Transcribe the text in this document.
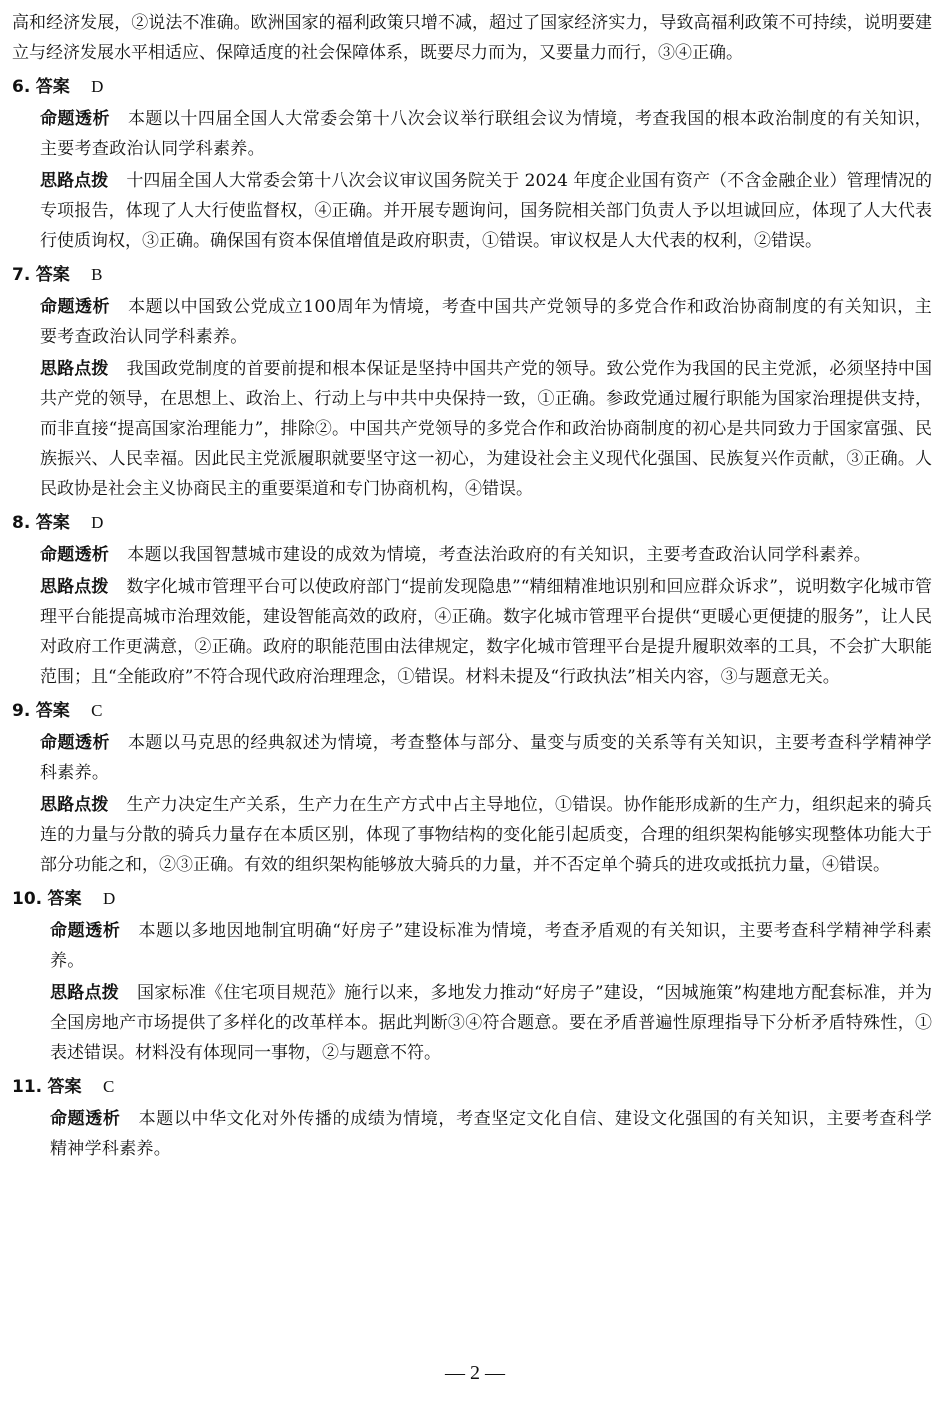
高和经济发展，②说法不准确。欧洲国家的福利政策只增不减，超过了国家经济实力，导致高福利政策不可持续，说明要建立与经济发展水平相适应、保障适度的社会保障体系，既要尽力而为，又要量力而行，③④正确。

6. 答案 D

命题透析 本题以十四届全国人大常委会第十八次会议举行联组会议为情境，考查我国的根本政治制度的有关知识，主要考查政治认同学科素养。

思路点拨 十四届全国人大常委会第十八次会议审议国务院关于 2024 年度企业国有资产（不含金融企业）管理情况的专项报告，体现了人大行使监督权，④正确。并开展专题询问，国务院相关部门负责人予以坦诚回应，体现了人大代表行使质询权，③正确。确保国有资本保值增值是政府职责，①错误。审议权是人大代表的权利，②错误。

7. 答案 B

命题透析 本题以中国致公党成立100周年为情境，考查中国共产党领导的多党合作和政治协商制度的有关知识，主要考查政治认同学科素养。

思路点拨 我国政党制度的首要前提和根本保证是坚持中国共产党的领导。致公党作为我国的民主党派，必须坚持中国共产党的领导，在思想上、政治上、行动上与中共中央保持一致，①正确。参政党通过履行职能为国家治理提供支持，而非直接“提高国家治理能力”，排除②。中国共产党领导的多党合作和政治协商制度的初心是共同致力于国家富强、民族振兴、人民幸福。因此民主党派履职就要坚守这一初心，为建设社会主义现代化强国、民族复兴作贡献，③正确。人民政协是社会主义协商民主的重要渠道和专门协商机构，④错误。

8. 答案 D

命题透析 本题以我国智慧城市建设的成效为情境，考查法治政府的有关知识，主要考查政治认同学科素养。

思路点拨 数字化城市管理平台可以使政府部门“提前发现隐患”“精细精准地识别和回应群众诉求”，说明数字化城市管理平台能提高城市治理效能，建设智能高效的政府，④正确。数字化城市管理平台提供“更暖心更便捷的服务”，让人民对政府工作更满意，②正确。政府的职能范围由法律规定，数字化城市管理平台是提升履职效率的工具，不会扩大职能范围；且“全能政府”不符合现代政府治理理念，①错误。材料未提及“行政执法”相关内容，③与题意无关。

9. 答案 C

命题透析 本题以马克思的经典叙述为情境，考查整体与部分、量变与质变的关系等有关知识，主要考查科学精神学科素养。

思路点拨 生产力决定生产关系，生产力在生产方式中占主导地位，①错误。协作能形成新的生产力，组织起来的骑兵连的力量与分散的骑兵力量存在本质区别，体现了事物结构的变化能引起质变，合理的组织架构能够实现整体功能大于部分功能之和，②③正确。有效的组织架构能够放大骑兵的力量，并不否定单个骑兵的进攻或抵抗力量，④错误。

10. 答案 D

命题透析 本题以多地因地制宜明确“好房子”建设标准为情境，考查矛盾观的有关知识，主要考查科学精神学科素养。

思路点拨 国家标准《住宅项目规范》施行以来，多地发力推动“好房子”建设，“因城施策”构建地方配套标准，并为全国房地产市场提供了多样化的改革样本。据此判断③④符合题意。要在矛盾普遍性原理指导下分析矛盾特殊性，①表述错误。材料没有体现同一事物，②与题意不符。

11. 答案 C

命题透析 本题以中华文化对外传播的成绩为情境，考查坚定文化自信、建设文化强国的有关知识，主要考查科学精神学科素养。

— 2 —
